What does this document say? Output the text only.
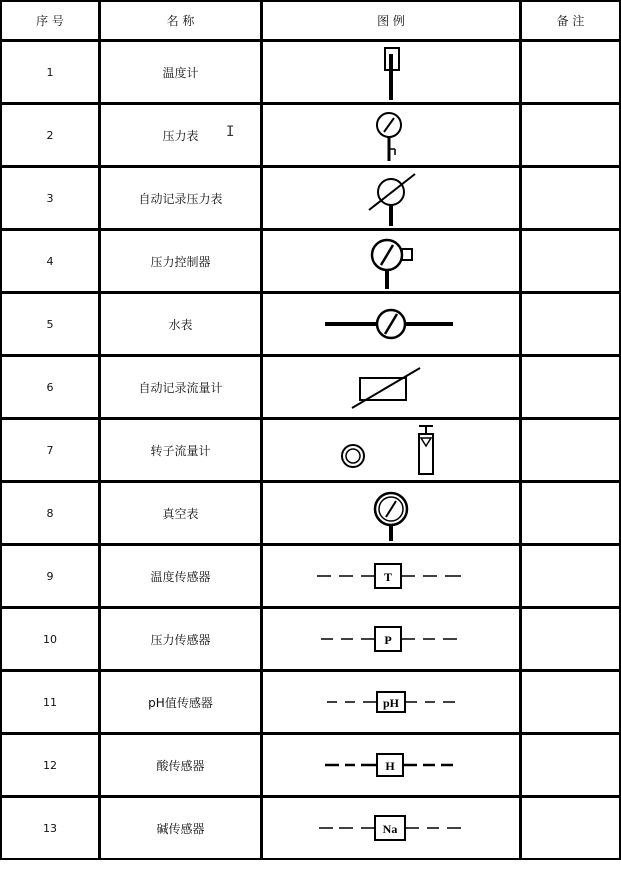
序 号	名 称	图 例	备 注
1	温度计	

2	压力表	

3	自动记录压力表	

4	压力控制器	

5	水表	

6	自动记录流量计	

7	转子流量计	

8	真空表	

9	温度传感器	T	

10	压力传感器	P	

11	pH值传感器	pH	

12	酸传感器	H	

13	碱传感器	Na	

I
